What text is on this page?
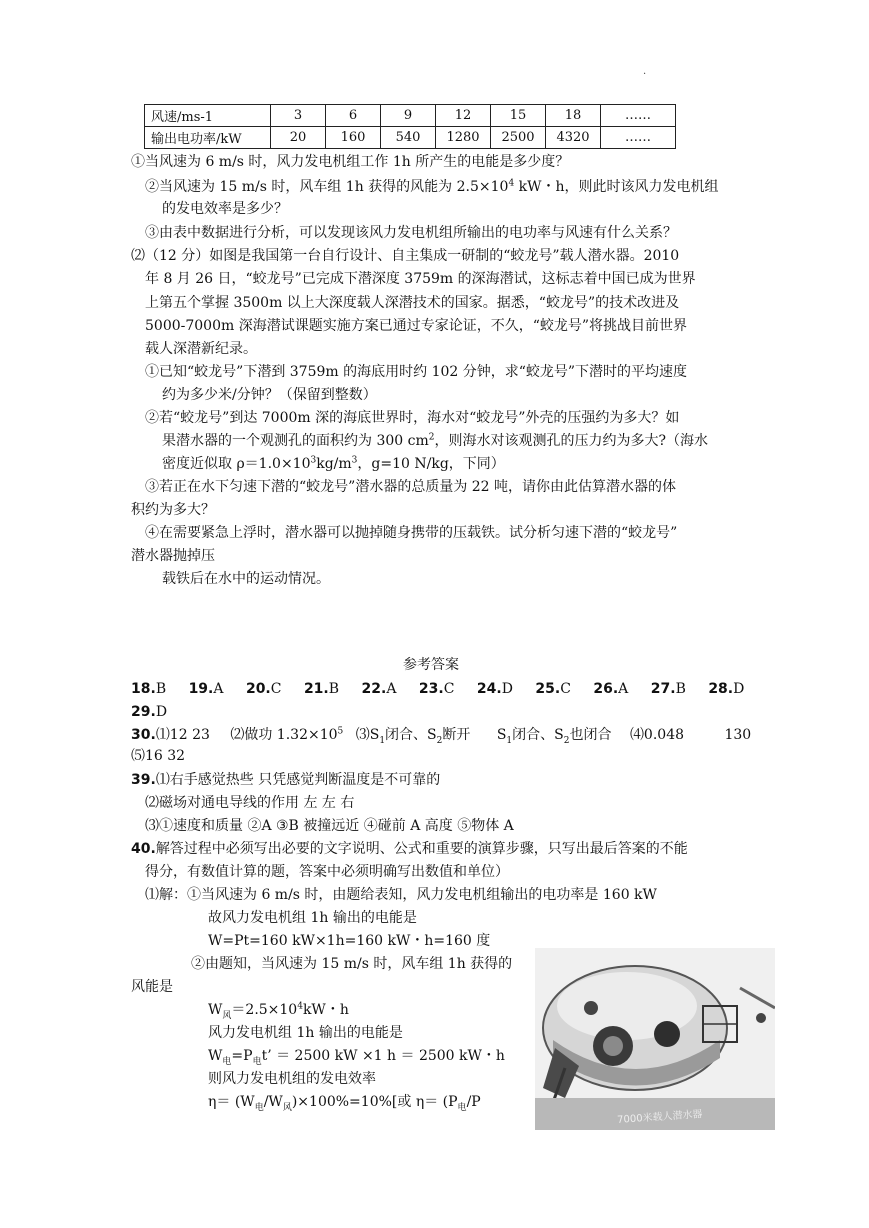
.
风速/ms-1	3	6	9	12	15	18	……
输出电功率/kW	20	160	540	1280	2500	4320	……
①当风速为 6 m/s 时，风力发电机组工作 1h 所产生的电能是多少度？
②当风速为 15 m/s 时，风车组 1h 获得的风能为 $2.5\times 10^4$ kW・h，则此时该风力发电机组
的发电效率是多少？
③由表中数据进行分析，可以发现该风力发电机组所输出的电功率与风速有什么关系？
⑵（12 分）如图是我国第一台自行设计、自主集成一研制的“蛟龙号”载人潜水器。2010
年 8 月 26 日，“蛟龙号”已完成下潜深度 3759m 的深海潜试，这标志着中国已成为世界
上第五个掌握 3500m 以上大深度载人深潜技术的国家。据悉，“蛟龙号”的技术改进及
5000-7000m 深海潜试课题实施方案已通过专家论证，不久，“蛟龙号”将挑战目前世界
载人深潜新纪录。
①已知“蛟龙号”下潜到 3759m 的海底用时约 102 分钟，求“蛟龙号”下潜时的平均速度
约为多少米/分钟？（保留到整数）
②若“蛟龙号”到达 7000m 深的海底世界时，海水对“蛟龙号”外壳的压强约为多大？如
果潜水器的一个观测孔的面积约为 300 $cm^2$，则海水对该观测孔的压力约为多大?（海水
密度近似取 $\rho=1.0\times 10^3kg/m^3$，g=10 N/kg，下同）
③若正在水下匀速下潜的“蛟龙号”潜水器的总质量为 22 吨，请你由此估算潜水器的体
积约为多大？
④在需要紧急上浮时，潜水器可以抛掉随身携带的压载铁。试分析匀速下潜的“蛟龙号”
潜水器抛掉压
载铁后在水中的运动情况。
参考答案
18.B 19.A 20.C 21.B 22.A 23.C 24.D 25.C 26.A 27.B 28.D
29.D
30.⑴12 23 ⑵做功 $1.32\times 10^5$ $⑶S_1$闭合、$S_2$断开 $S_1$闭合、$S_2$也闭合 ⑷0.048	130
⑸16 32
39.⑴右手感觉热些 只凭感觉判断温度是不可靠的
⑵磁场对通电导线的作用 左 左 右
⑶①速度和质量 ②A ③B 被撞远近 ④碰前 A 高度 ⑤物体 A
40.解答过程中必须写出必要的文字说明、公式和重要的演算步骤，只写出最后答案的不能
得分，有数值计算的题，答案中必须明确写出数值和单位）
⑴解：①当风速为 6 m/s 时，由题给表知，风力发电机组输出的电功率是 160 kW
故风力发电机组 1h 输出的电能是
W=Pt=160 kW×1h=160 kW・h=160 度
②由题知，当风速为 15 m/s 时，风车组 1h 获得的
风能是
$W_风=2.5\times 10^4kW$・h
风力发电机组 1h 输出的电能是
$W_电=P_电t$’ ＝ 2500 kW ×1 h ＝ 2500 kW・h
则风力发电机组的发电效率
$\eta= (W_电/W_风)\times 100\%=10\%$[或 $\eta= (P_电/P$
7000米载人潜水器
